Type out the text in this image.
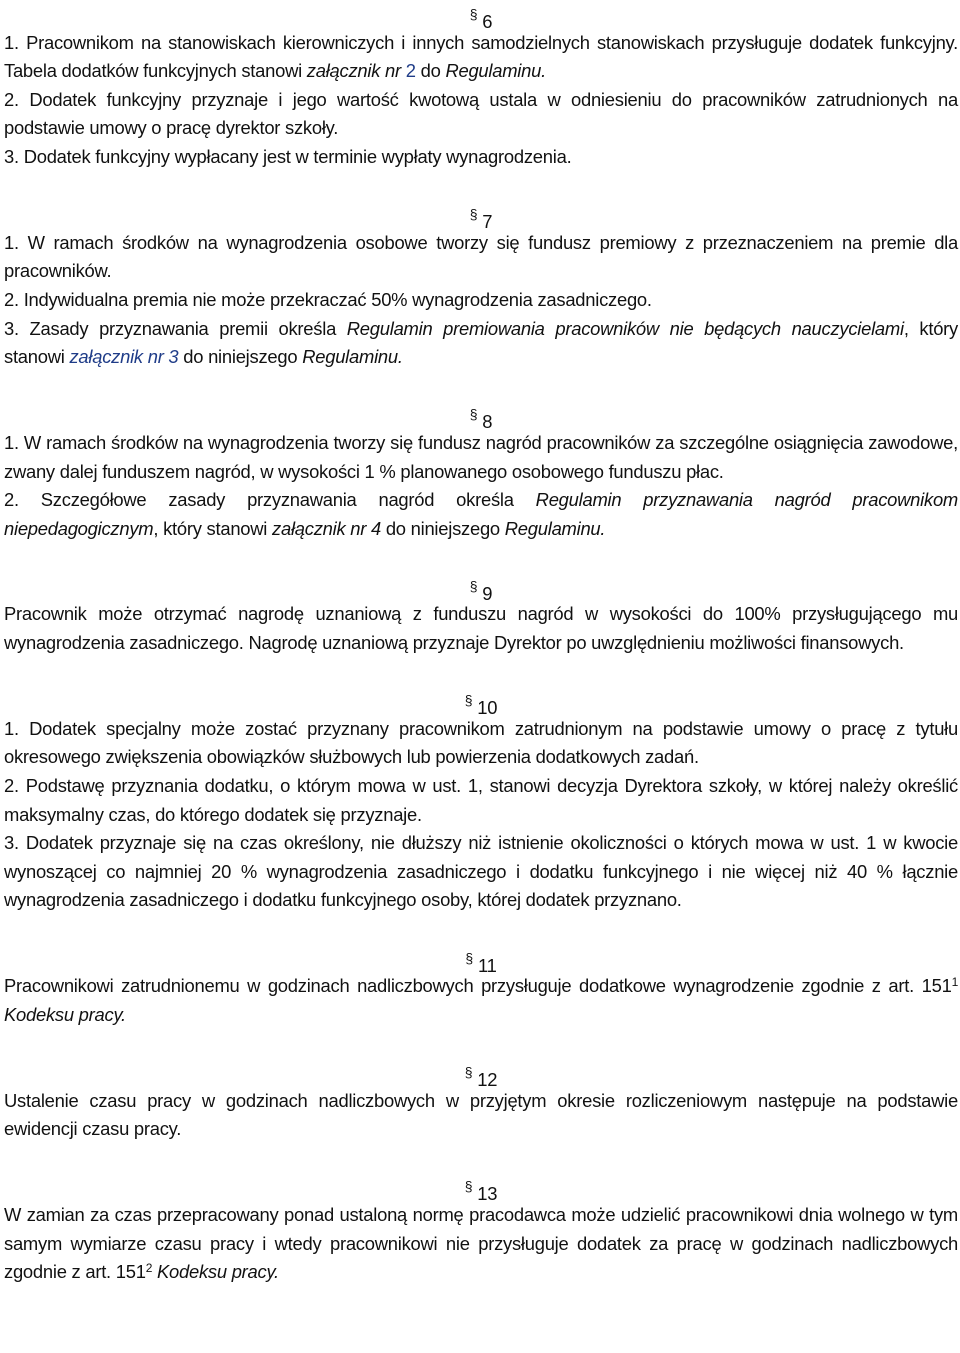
§ 6

1. Pracownikom na stanowiskach kierowniczych i innych samodzielnych stanowiskach przysługuje dodatek funkcyjny. Tabela dodatków funkcyjnych stanowi załącznik nr 2 do Regulaminu.

2. Dodatek funkcyjny przyznaje i jego wartość kwotową ustala w odniesieniu do pracowników zatrudnionych na podstawie umowy o pracę dyrektor szkoły.

3. Dodatek funkcyjny wypłacany jest w terminie wypłaty wynagrodzenia.

§ 7

1. W ramach środków na wynagrodzenia osobowe tworzy się fundusz premiowy z przeznaczeniem na premie dla pracowników.

2. Indywidualna premia nie może przekraczać 50% wynagrodzenia zasadniczego.

3. Zasady przyznawania premii określa Regulamin premiowania pracowników nie będących nauczycielami, który stanowi załącznik nr 3 do niniejszego Regulaminu.

§ 8

1. W ramach środków na wynagrodzenia tworzy się fundusz nagród pracowników za szczególne osiągnięcia zawodowe, zwany dalej funduszem nagród, w wysokości 1 % planowanego osobowego funduszu płac.

2. Szczegółowe zasady przyznawania nagród określa Regulamin przyznawania nagród pracownikom niepedagogicznym, który stanowi załącznik nr 4 do niniejszego Regulaminu.

§ 9

Pracownik może otrzymać nagrodę uznaniową z funduszu nagród w wysokości do 100% przysługującego mu wynagrodzenia zasadniczego. Nagrodę uznaniową przyznaje Dyrektor po uwzględnieniu możliwości finansowych.

§ 10

1. Dodatek specjalny może zostać przyznany pracownikom zatrudnionym na podstawie umowy o pracę z tytułu okresowego zwiększenia obowiązków służbowych lub powierzenia dodatkowych zadań.

2. Podstawę przyznania dodatku, o którym mowa w ust. 1, stanowi decyzja Dyrektora szkoły, w której należy określić maksymalny czas, do którego dodatek się przyznaje.

3. Dodatek przyznaje się na czas określony, nie dłuższy niż istnienie okoliczności o których mowa w ust. 1 w kwocie wynoszącej co najmniej 20 % wynagrodzenia zasadniczego i dodatku funkcyjnego i nie więcej niż 40 % łącznie wynagrodzenia zasadniczego i dodatku funkcyjnego osoby, której dodatek przyznano.

§ 11

Pracownikowi zatrudnionemu w godzinach nadliczbowych przysługuje dodatkowe wynagrodzenie zgodnie z art. $151^1$ Kodeksu pracy.

§ 12

Ustalenie czasu pracy w godzinach nadliczbowych w przyjętym okresie rozliczeniowym następuje na podstawie ewidencji czasu pracy.

§ 13

W zamian za czas przepracowany ponad ustaloną normę pracodawca może udzielić pracownikowi dnia wolnego w tym samym wymiarze czasu pracy i wtedy pracownikowi nie przysługuje dodatek za pracę w godzinach nadliczbowych zgodnie z art. $151^2$ Kodeksu pracy.
